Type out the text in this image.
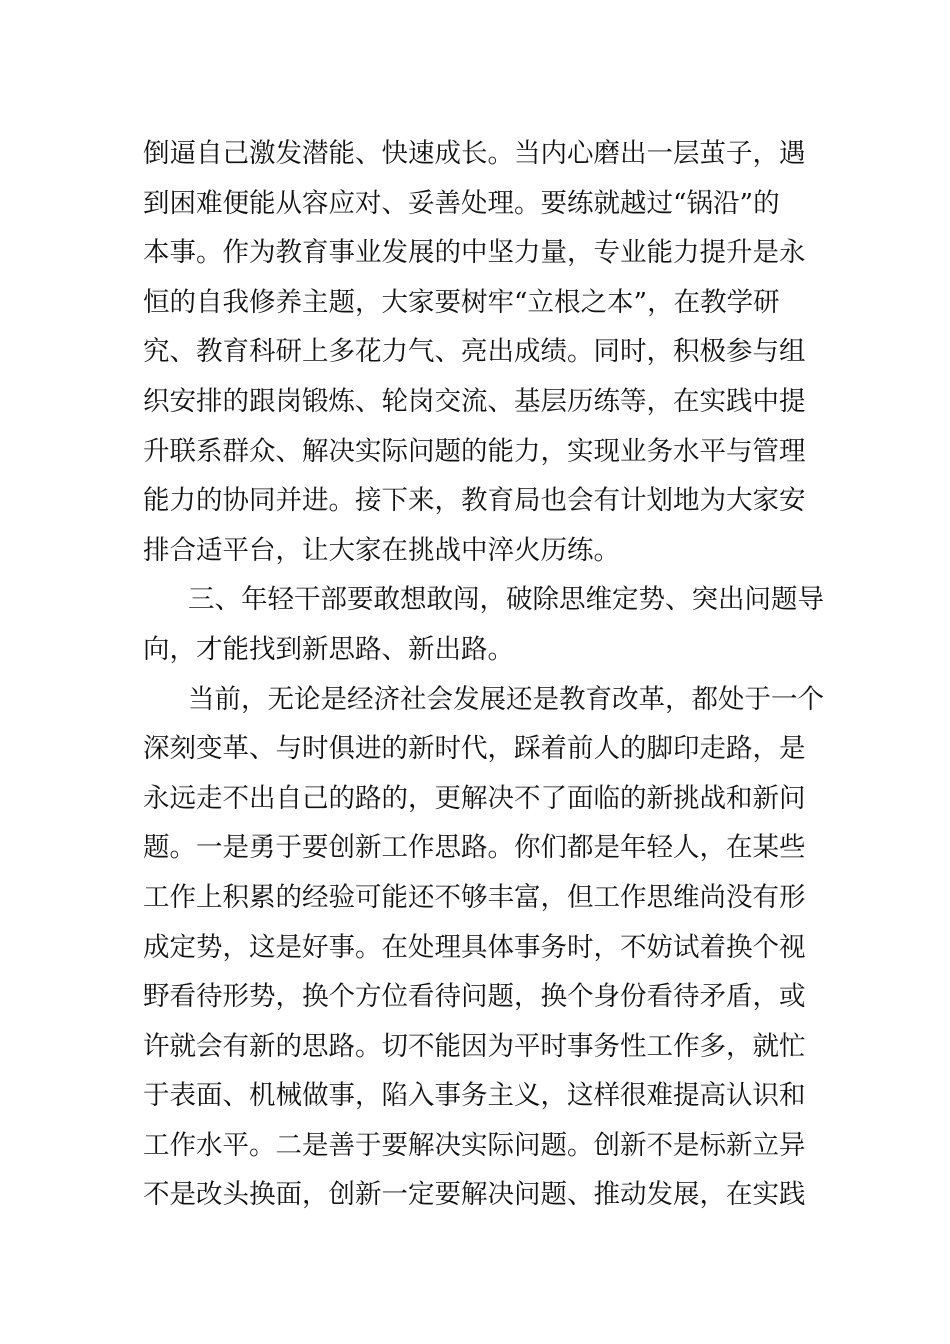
倒逼自己激发潜能、快速成长。当内心磨出一层茧子，遇
到困难便能从容应对、妥善处理。要练就越过“锅沿”的
本事。作为教育事业发展的中坚力量，专业能力提升是永
恒的自我修养主题，大家要树牢“立根之本”，在教学研
究、教育科研上多花力气、亮出成绩。同时，积极参与组
织安排的跟岗锻炼、轮岗交流、基层历练等，在实践中提
升联系群众、解决实际问题的能力，实现业务水平与管理
能力的协同并进。接下来，教育局也会有计划地为大家安
排合适平台，让大家在挑战中淬火历练。
三、年轻干部要敢想敢闯，破除思维定势、突出问题导
向，才能找到新思路、新出路。
当前，无论是经济社会发展还是教育改革，都处于一个
深刻变革、与时俱进的新时代，踩着前人的脚印走路，是
永远走不出自己的路的，更解决不了面临的新挑战和新问
题。一是勇于要创新工作思路。你们都是年轻人，在某些
工作上积累的经验可能还不够丰富，但工作思维尚没有形
成定势，这是好事。在处理具体事务时，不妨试着换个视
野看待形势，换个方位看待问题，换个身份看待矛盾，或
许就会有新的思路。切不能因为平时事务性工作多，就忙
于表面、机械做事，陷入事务主义，这样很难提高认识和
工作水平。二是善于要解决实际问题。创新不是标新立异
不是改头换面，创新一定要解决问题、推动发展，在实践
